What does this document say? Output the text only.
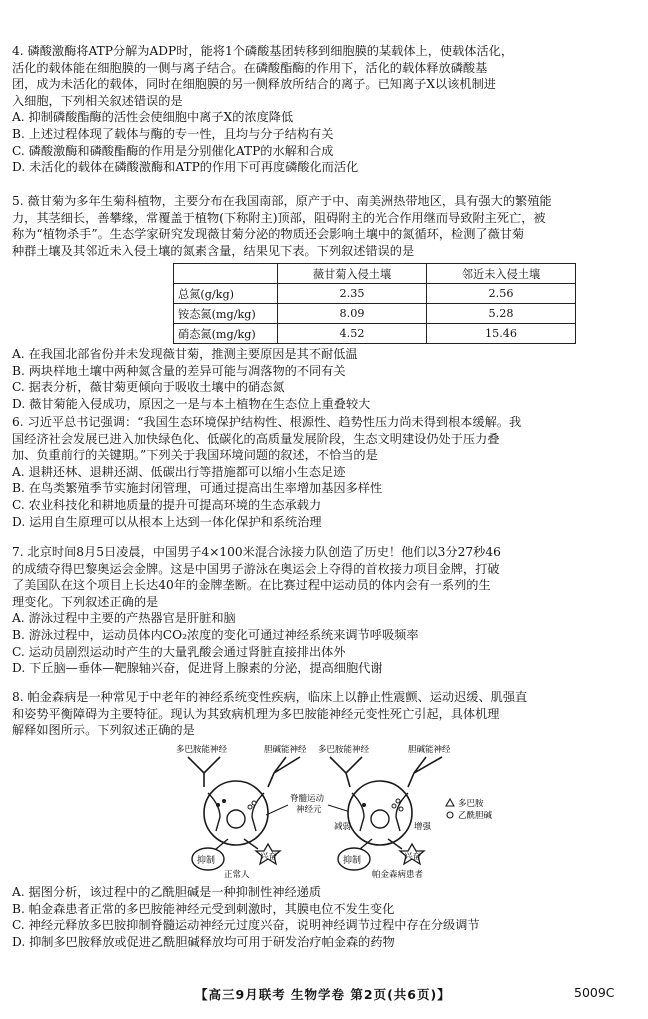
4. 磷酸激酶将ATP分解为ADP时，能将1个磷酸基团转移到细胞膜的某载体上，使载体活化，

活化的载体能在细胞膜的一侧与离子结合。在磷酸酯酶的作用下，活化的载体释放磷酸基

团，成为未活化的载体，同时在细胞膜的另一侧释放所结合的离子。已知离子X以该机制进

入细胞，下列相关叙述错误的是

A. 抑制磷酸酯酶的活性会使细胞中离子X的浓度降低

B. 上述过程体现了载体与酶的专一性，且均与分子结构有关

C. 磷酸激酶和磷酸酯酶的作用是分别催化ATP的水解和合成

D. 未活化的载体在磷酸激酶和ATP的作用下可再度磷酸化而活化

5. 薇甘菊为多年生菊科植物，主要分布在我国南部，原产于中、南美洲热带地区，具有强大的繁殖能

力，其茎细长，善攀缘，常覆盖于植物(下称附主)顶部，阻碍附主的光合作用继而导致附主死亡，被

称为“植物杀手”。生态学家研究发现薇甘菊分泌的物质还会影响土壤中的氮循环，检测了薇甘菊

种群土壤及其邻近未入侵土壤的氮素含量，结果见下表。下列叙述错误的是

	薇甘菊入侵土壤	邻近未入侵土壤
总氮(g/kg)	2.35	2.56
铵态氮(mg/kg)	8.09	5.28
硝态氮(mg/kg)	4.52	15.46

A. 在我国北部省份并未发现薇甘菊，推测主要原因是其不耐低温

B. 两块样地土壤中两种氮含量的差异可能与凋落物的不同有关

C. 据表分析，薇甘菊更倾向于吸收土壤中的硝态氮

D. 薇甘菊能入侵成功，原因之一是与本土植物在生态位上重叠较大

6. 习近平总书记强调：“我国生态环境保护结构性、根源性、趋势性压力尚未得到根本缓解。我

国经济社会发展已进入加快绿色化、低碳化的高质量发展阶段，生态文明建设仍处于压力叠

加、负重前行的关键期。”下列关于我国环境问题的叙述，不恰当的是

A. 退耕还林、退耕还湖、低碳出行等措施都可以缩小生态足迹

B. 在鸟类繁殖季节实施封闭管理，可通过提高出生率增加基因多样性

C. 农业科技化和耕地质量的提升可提高环境的生态承载力

D. 运用自生原理可以从根本上达到一体化保护和系统治理

7. 北京时间8月5日凌晨，中国男子4×100米混合泳接力队创造了历史！他们以3分27秒46

的成绩夺得巴黎奥运会金牌。这是中国男子游泳在奥运会上夺得的首枚接力项目金牌，打破

了美国队在这个项目上长达40年的金牌垄断。在比赛过程中运动员的体内会有一系列的生

理变化。下列叙述正确的是

A. 游泳过程中主要的产热器官是肝脏和脑

B. 游泳过程中，运动员体内CO₂浓度的变化可通过神经系统来调节呼吸频率

C. 运动员剧烈运动时产生的大量乳酸会通过肾脏直接排出体外

D. 下丘脑—垂体—靶腺轴兴奋，促进肾上腺素的分泌，提高细胞代谢

8. 帕金森病是一种常见于中老年的神经系统变性疾病，临床上以静止性震颤、运动迟缓、肌强直

和姿势平衡障碍为主要特征。现认为其致病机理为多巴胺能神经元变性死亡引起，具体机理

解释如图所示。下列叙述正确的是

多巴胺能神经	胆碱能神经
抑制	兴奋
正常人
脊髓运动
神经元
多巴胺能神经	胆碱能神经
减弱	增强
抑制	兴奋
帕金森病患者
多巴胺
乙酰胆碱

A. 据图分析，该过程中的乙酰胆碱是一种抑制性神经递质

B. 帕金森患者正常的多巴胺能神经元受到刺激时，其膜电位不发生变化

C. 神经元释放多巴胺抑制脊髓运动神经元过度兴奋，说明神经调节过程中存在分级调节

D. 抑制多巴胺释放或促进乙酰胆碱释放均可用于研发治疗帕金森的药物

【高三9月联考 生物学卷 第2页(共6页)】	5009C
